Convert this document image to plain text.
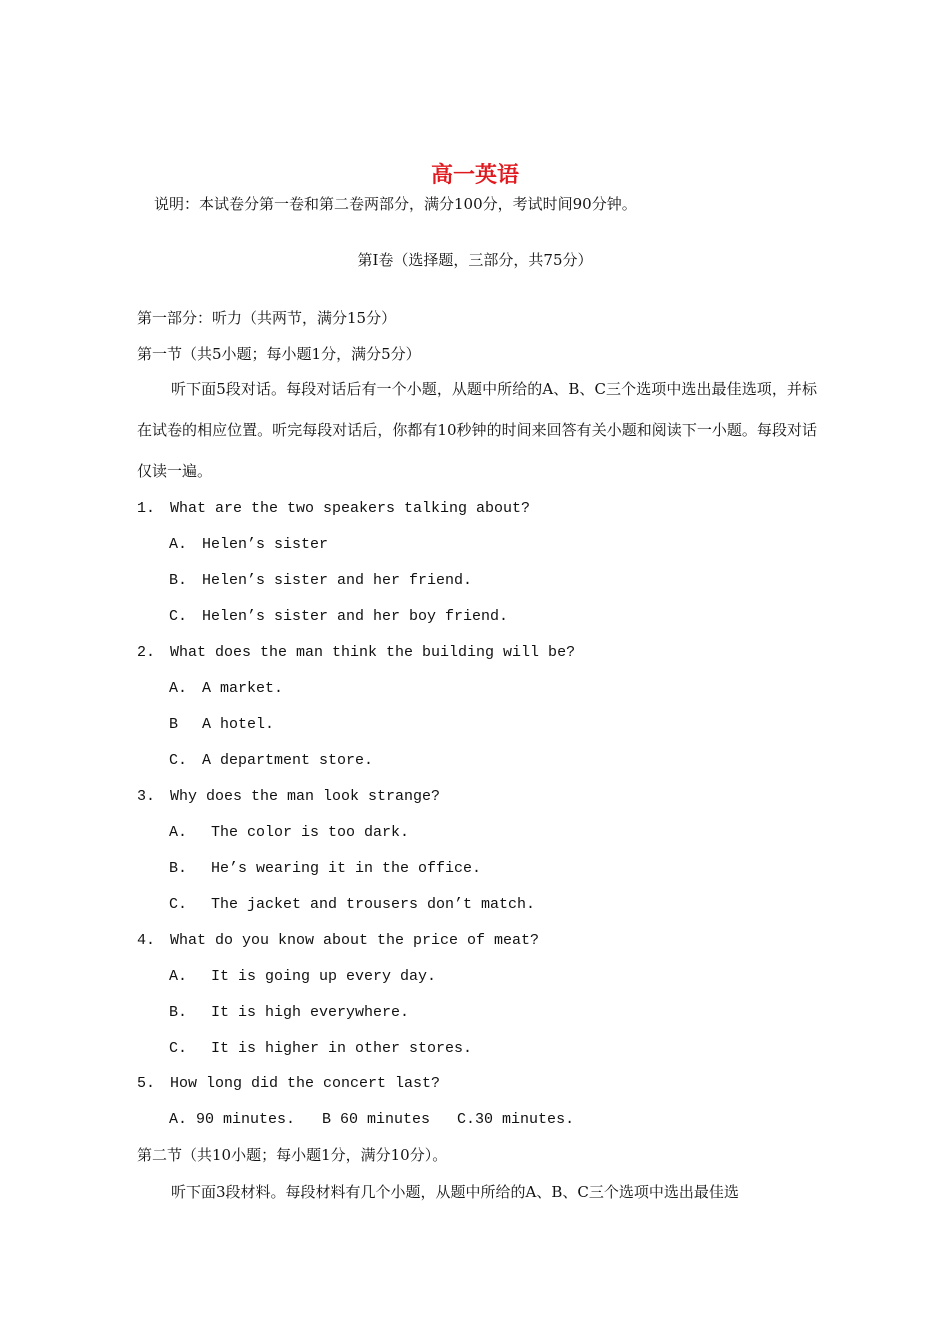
高一英语
说明：本试卷分第一卷和第二卷两部分，满分100分，考试时间90分钟。
第I卷（选择题，三部分，共75分）
第一部分：听力（共两节，满分15分）
第一节（共5小题；每小题1分，满分5分）
听下面5段对话。每段对话后有一个小题，从题中所给的A、B、C三个选项中选出最佳选项，并标在试卷的相应位置。听完每段对话后，你都有10秒钟的时间来回答有关小题和阅读下一小题。每段对话仅读一遍。
1. What are the two speakers talking about?
A. Helen’s sister
B. Helen’s sister and her friend.
C. Helen’s sister and her boy friend.
2. What does the man think the building will be?
A. A market.
B A hotel.
C. A department store.
3. Why does the man look strange?
A. The color is too dark.
B. He’s wearing it in the office.
C. The jacket and trousers don’t match.
4. What do you know about the price of meat?
A. It is going up every day.
B. It is high everywhere.
C. It is higher in other stores.
5. How long did the concert last?
A. 90 minutes.   B 60 minutes   C.30 minutes.
第二节（共10小题；每小题1分，满分10分）。
听下面3段材料。每段材料有几个小题，从题中所给的A、B、C三个选项中选出最佳选
